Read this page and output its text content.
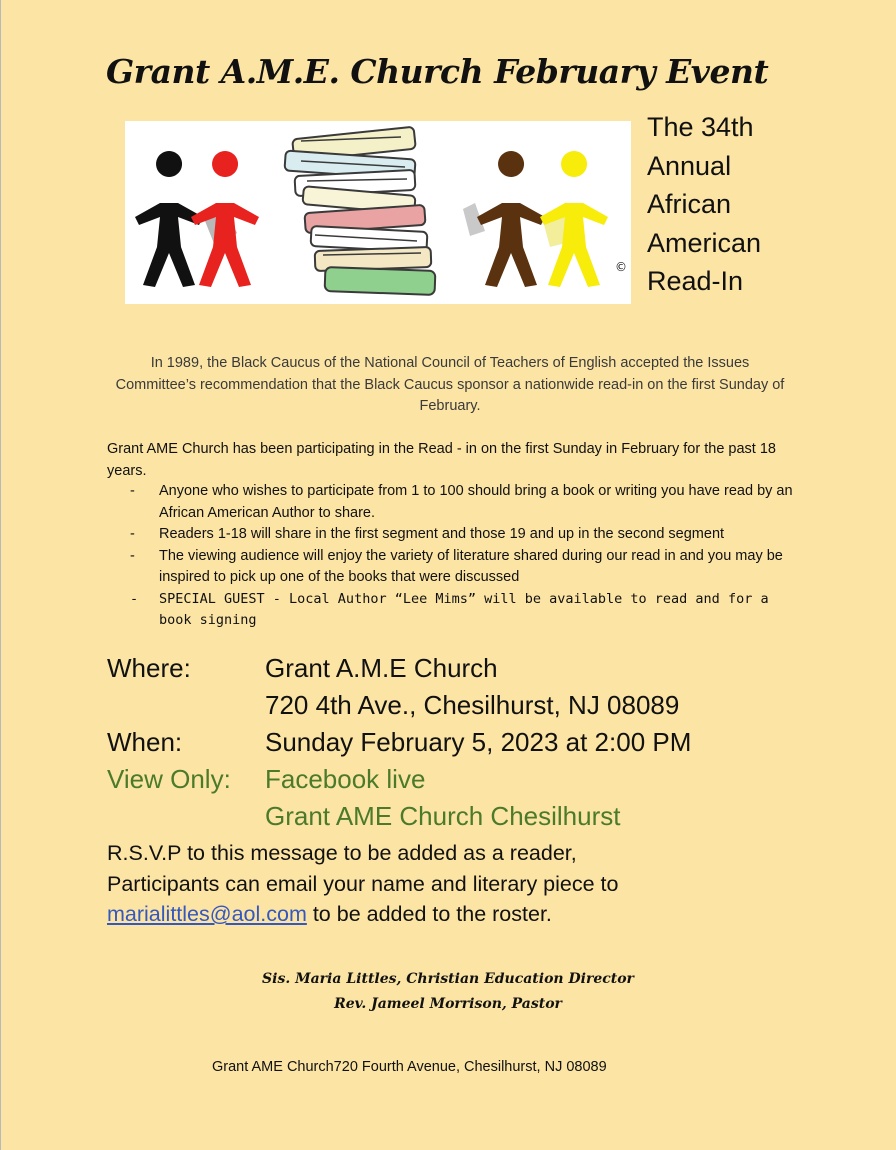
Grant A.M.E. Church February Event
©
The 34th
Annual
African
American
Read-In
In 1989, the Black Caucus of the National Council of Teachers of English accepted the Issues Committee’s recommendation that the Black Caucus sponsor a nationwide read-in on the first Sunday of February.
Grant AME Church has been participating in the Read - in on the first Sunday in February for the past 18 years.
- Anyone who wishes to participate from 1 to 100 should bring a book or writing you have read by an African American Author to share.
- Readers 1-18 will share in the first segment and those 19 and up in the second segment
- The viewing audience will enjoy the variety of literature shared during our read in and you may be inspired to pick up one of the books that were discussed
- SPECIAL GUEST - Local Author “Lee Mims” will be available to read and for a book signing
Where:	Grant A.M.E Church
720 4th Ave., Chesilhurst, NJ 08089
When:	Sunday February 5, 2023 at 2:00 PM
View Only: Facebook live
Grant AME Church Chesilhurst
R.S.V.P to this message to be added as a reader,
Participants can email your name and literary piece to
marialittles@aol.com to be added to the roster.
Sis. Maria Littles, Christian Education Director
Rev. Jameel Morrison, Pastor
Grant AME Church720 Fourth Avenue, Chesilhurst, NJ 08089
